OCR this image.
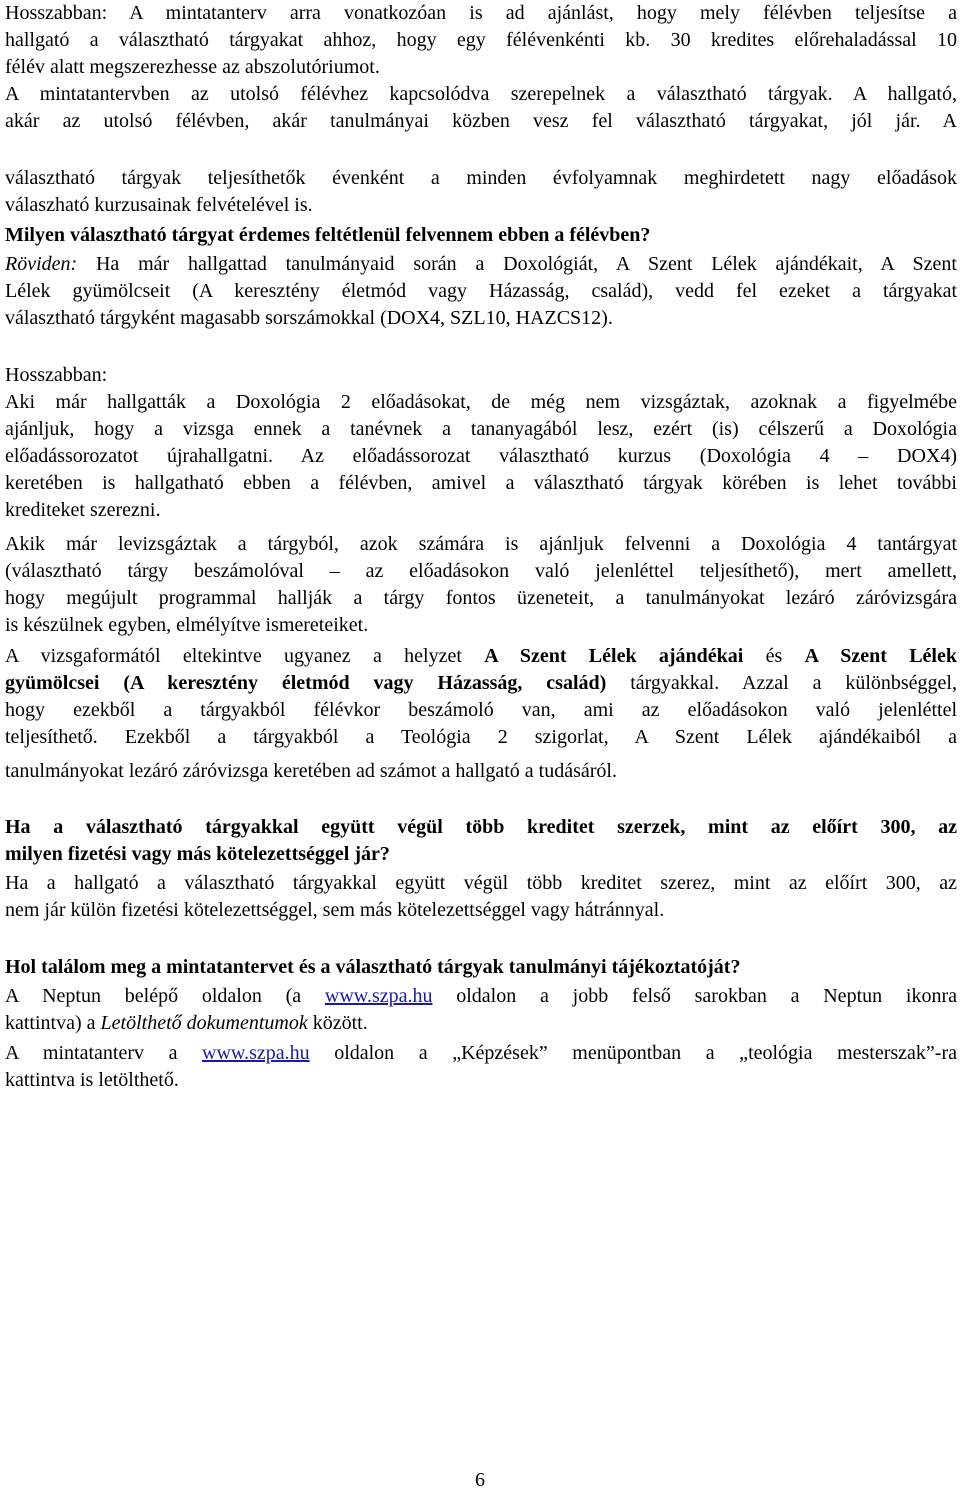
Hosszabban: A mintatanterv arra vonatkozóan is ad ajánlást, hogy mely félévben teljesítse a
hallgató a választható tárgyakat ahhoz, hogy egy félévenkénti kb. 30 kredites előrehaladással 10
félév alatt megszerezhesse az abszolutóriumot.
A mintatantervben az utolsó félévhez kapcsolódva szerepelnek a választható tárgyak. A hallgató,
akár az utolsó félévben, akár tanulmányai közben vesz fel választható tárgyakat, jól jár. A
választható tárgyak teljesíthetők évenként a minden évfolyamnak meghirdetett nagy előadások
válaszható kurzusainak felvételével is.
Milyen választható tárgyat érdemes feltétlenül felvennem ebben a félévben?
Röviden: Ha már hallgattad tanulmányaid során a Doxológiát, A Szent Lélek ajándékait, A Szent
Lélek gyümölcseit (A keresztény életmód vagy Házasság, család), vedd fel ezeket a tárgyakat
választható tárgyként magasabb sorszámokkal (DOX4, SZL10, HAZCS12).
Hosszabban:
Aki már hallgatták a Doxológia 2 előadásokat, de még nem vizsgáztak, azoknak a figyelmébe
ajánljuk, hogy a vizsga ennek a tanévnek a tananyagából lesz, ezért (is) célszerű a Doxológia
előadássorozatot újrahallgatni. Az előadássorozat választható kurzus (Doxológia 4 – DOX4)
keretében is hallgatható ebben a félévben, amivel a választható tárgyak körében is lehet további
krediteket szerezni.
Akik már levizsgáztak a tárgyból, azok számára is ajánljuk felvenni a Doxológia 4 tantárgyat
(választható tárgy beszámolóval – az előadásokon való jelenléttel teljesíthető), mert amellett,
hogy megújult programmal hallják a tárgy fontos üzeneteit, a tanulmányokat lezáró záróvizsgára
is készülnek egyben, elmélyítve ismereteiket.
A vizsgaformától eltekintve ugyanez a helyzet A Szent Lélek ajándékai és A Szent Lélek
gyümölcsei (A keresztény életmód vagy Házasság, család) tárgyakkal. Azzal a különbséggel,
hogy ezekből a tárgyakból félévkor beszámoló van, ami az előadásokon való jelenléttel
teljesíthető. Ezekből a tárgyakból a Teológia 2 szigorlat, A Szent Lélek ajándékaiból a
tanulmányokat lezáró záróvizsga keretében ad számot a hallgató a tudásáról.
Ha a választható tárgyakkal együtt végül több kreditet szerzek, mint az előírt 300, az
milyen fizetési vagy más kötelezettséggel jár?
Ha a hallgató a választható tárgyakkal együtt végül több kreditet szerez, mint az előírt 300, az
nem jár külön fizetési kötelezettséggel, sem más kötelezettséggel vagy hátránnyal.
Hol találom meg a mintatantervet és a választható tárgyak tanulmányi tájékoztatóját?
A Neptun belépő oldalon (a www.szpa.hu oldalon a jobb felső sarokban a Neptun ikonra
kattintva) a Letölthető dokumentumok között.
A mintatanterv a www.szpa.hu oldalon a „Képzések” menüpontban a „teológia mesterszak”-ra
kattintva is letölthető.
6
